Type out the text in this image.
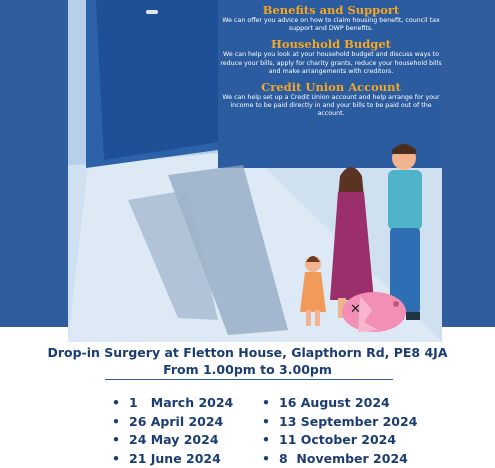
✕

Benefits and Support

We can offer you advice on how to claim housing benefit, council tax support and DWP benefits.

Household Budget

We can help you look at your household budget and discuss ways to reduce your bills, apply for charity grants, reduce your household bills and make arrangements with creditors.

Credit Union Account

We can help set up a Credit Union account and help arrange for your income to be paid directly in and your bills to be paid out of the account.

Drop-in Surgery at Fletton House, Glapthorn Rd, PE8 4JA
From 1.00pm to 3.00pm
• 1   March 2024
• 26 April 2024
• 24 May 2024
• 21 June 2024
• 16 August 2024
• 13 September 2024
• 11 October 2024
• 8  November 2024
